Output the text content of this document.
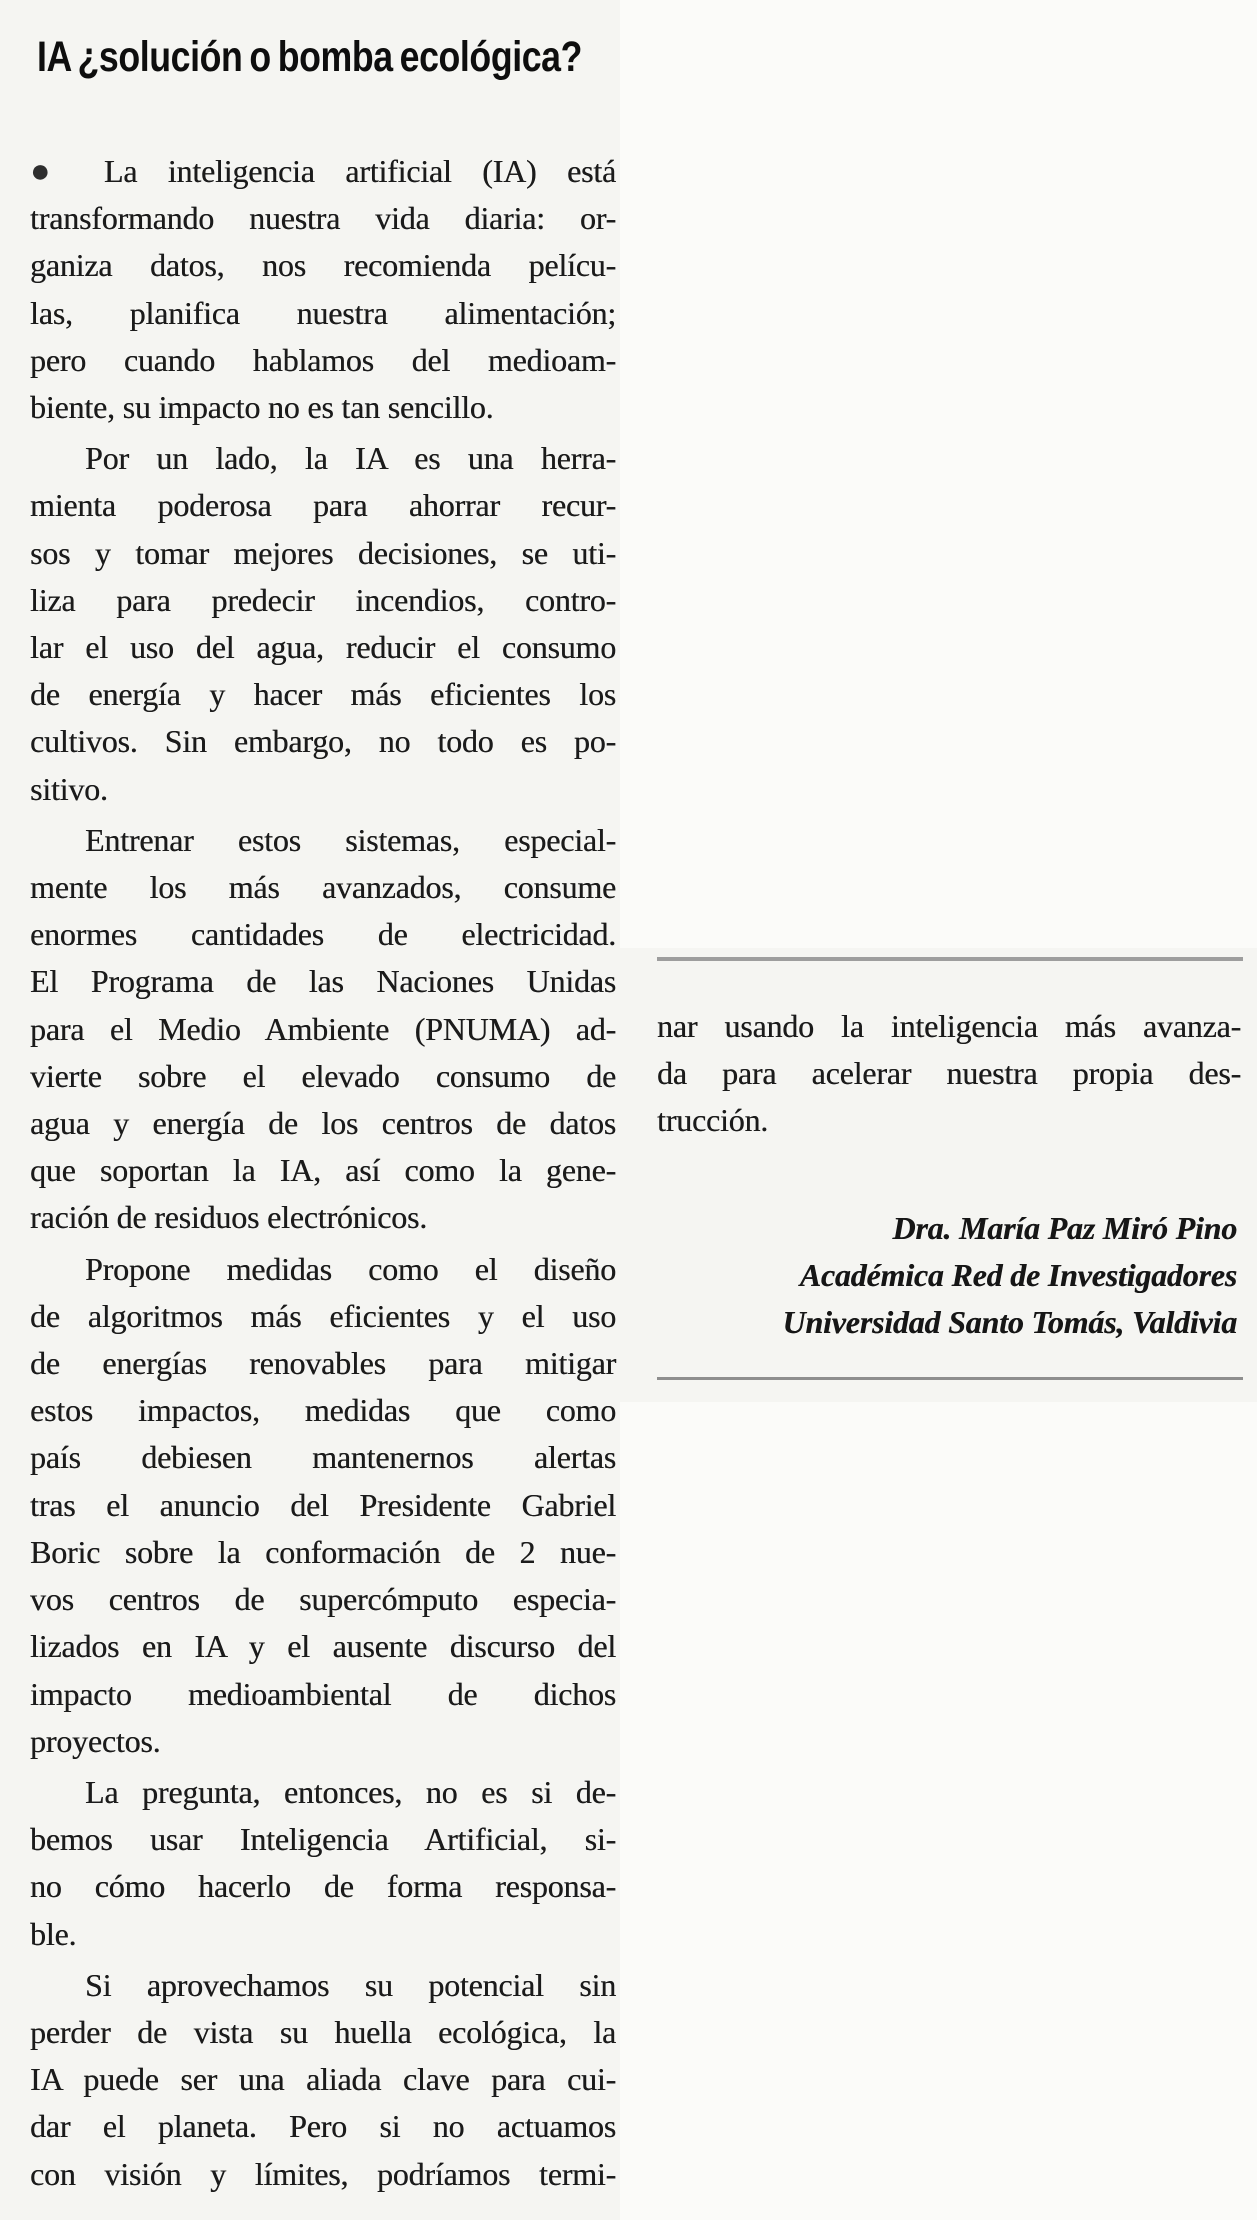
IA ¿solución o bomba ecológica?
● La inteligencia artificial (IA) está
transformando nuestra vida diaria: or-
ganiza datos, nos recomienda pelícu-
las, planifica nuestra alimentación;
pero cuando hablamos del medioam-
biente, su impacto no es tan sencillo.
Por un lado, la IA es una herra-
mienta poderosa para ahorrar recur-
sos y tomar mejores decisiones, se uti-
liza para predecir incendios, contro-
lar el uso del agua, reducir el consumo
de energía y hacer más eficientes los
cultivos. Sin embargo, no todo es po-
sitivo.
Entrenar estos sistemas, especial-
mente los más avanzados, consume
enormes cantidades de electricidad.
El Programa de las Naciones Unidas
para el Medio Ambiente (PNUMA) ad-
vierte sobre el elevado consumo de
agua y energía de los centros de datos
que soportan la IA, así como la gene-
ración de residuos electrónicos.
Propone medidas como el diseño
de algoritmos más eficientes y el uso
de energías renovables para mitigar
estos impactos, medidas que como
país debiesen mantenernos alertas
tras el anuncio del Presidente Gabriel
Boric sobre la conformación de 2 nue-
vos centros de supercómputo especia-
lizados en IA y el ausente discurso del
impacto medioambiental de dichos
proyectos.
La pregunta, entonces, no es si de-
bemos usar Inteligencia Artificial, si-
no cómo hacerlo de forma responsa-
ble.
Si aprovechamos su potencial sin
perder de vista su huella ecológica, la
IA puede ser una aliada clave para cui-
dar el planeta. Pero si no actuamos
con visión y límites, podríamos termi-
nar usando la inteligencia más avanza-
da para acelerar nuestra propia des-
trucción.
Dra. María Paz Miró Pino
Académica Red de Investigadores
Universidad Santo Tomás, Valdivia
